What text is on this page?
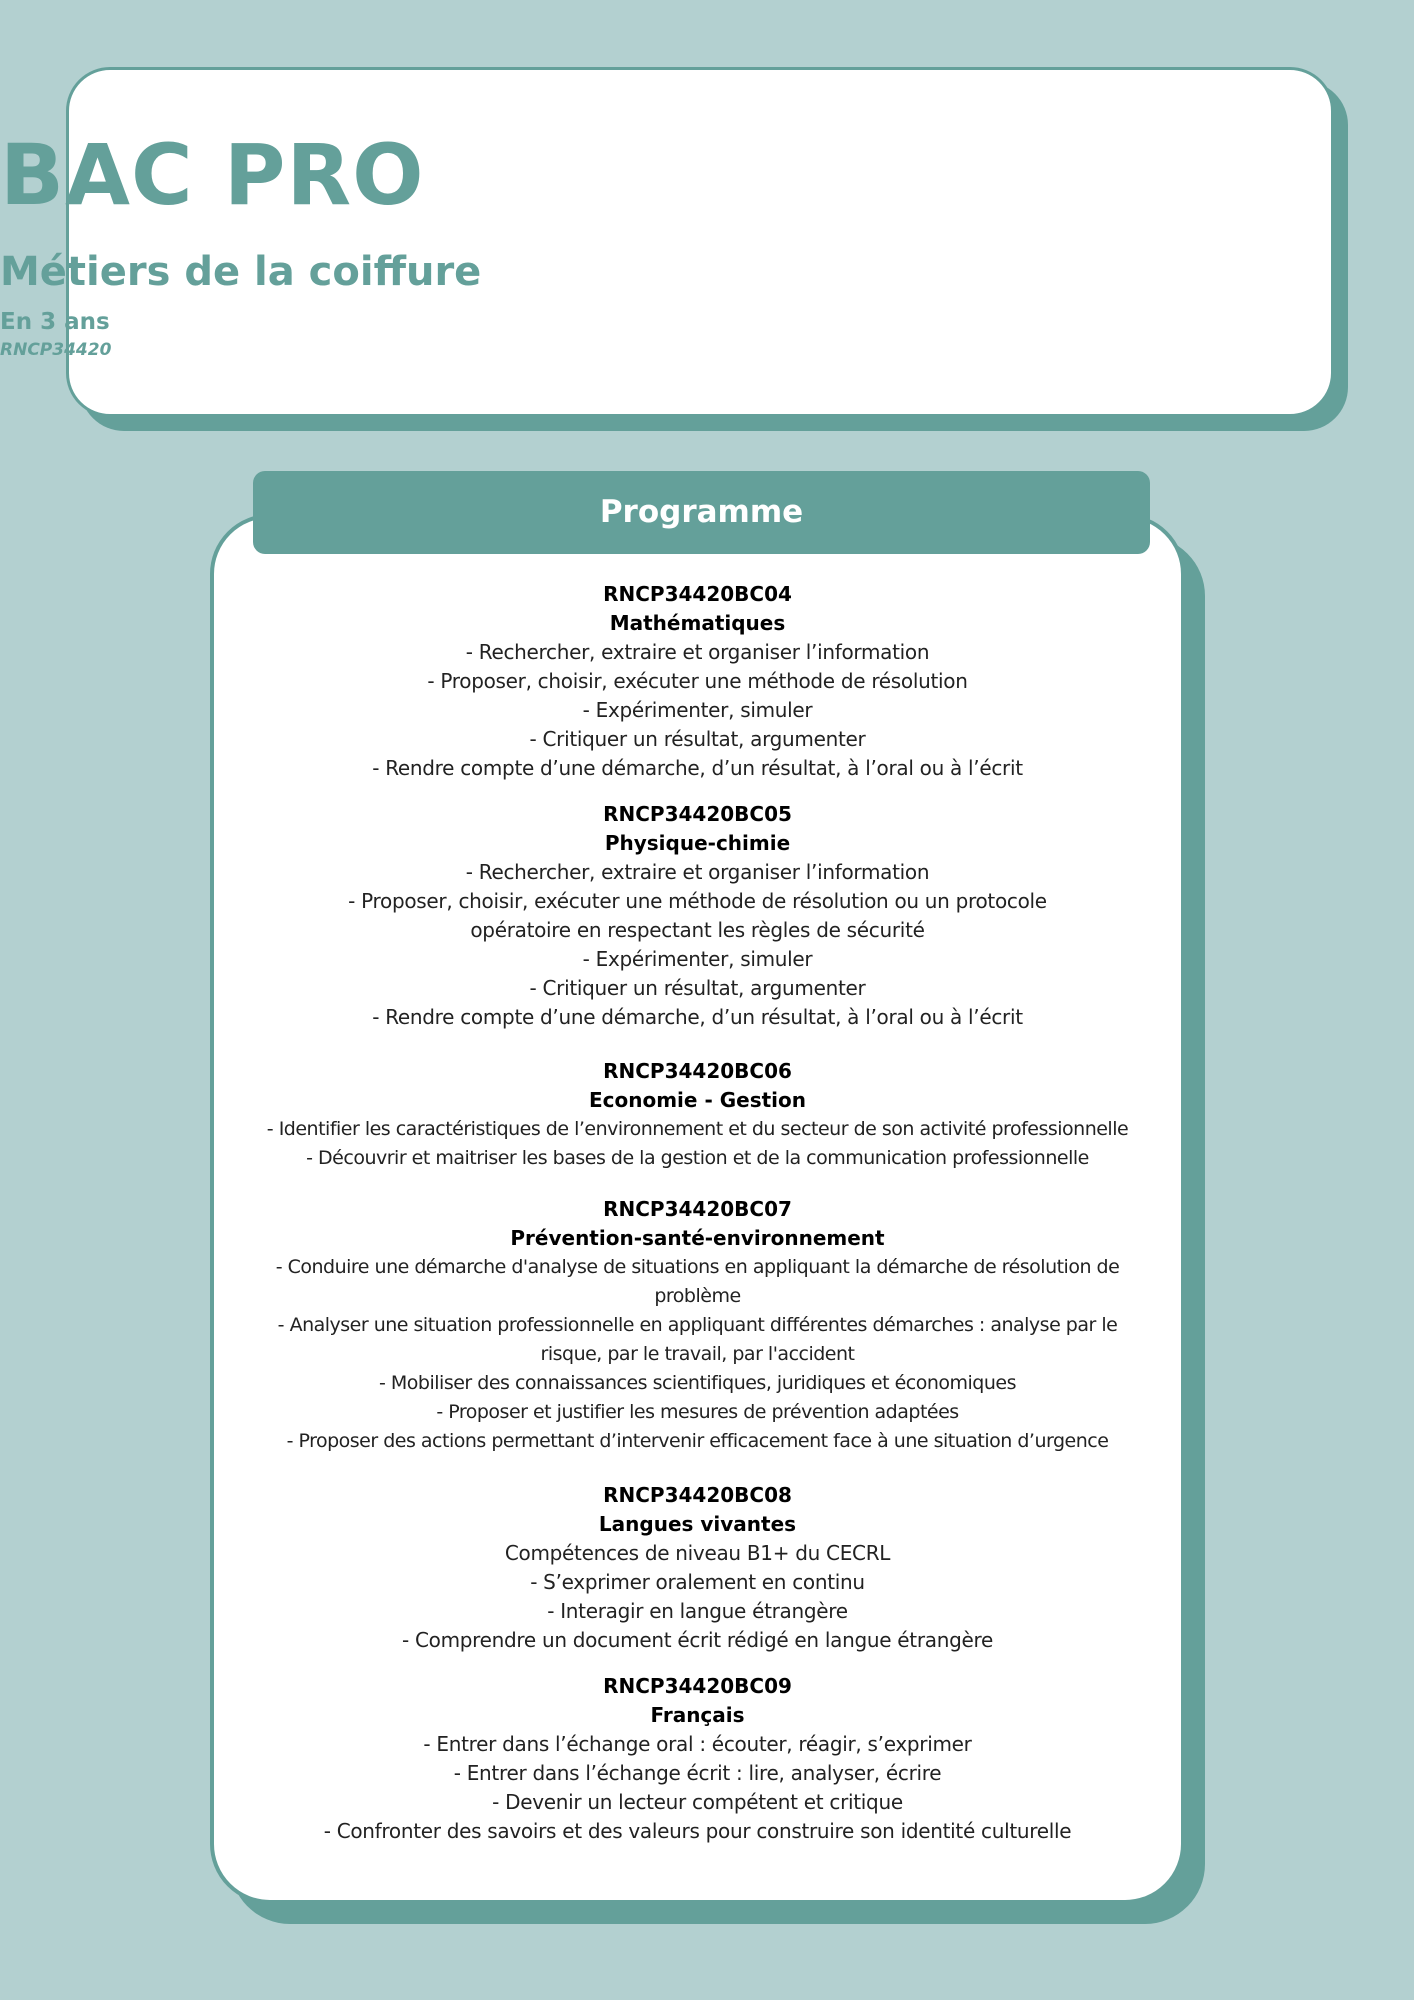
BAC PRO
Métiers de la coiffure
En 3 ans
RNCP34420
Programme
RNCP34420BC04
Mathématiques
- Rechercher, extraire et organiser l’information
- Proposer, choisir, exécuter une méthode de résolution
- Expérimenter, simuler
- Critiquer un résultat, argumenter
- Rendre compte d’une démarche, d’un résultat, à l’oral ou à l’écrit
RNCP34420BC05
Physique-chimie
- Rechercher, extraire et organiser l’information
- Proposer, choisir, exécuter une méthode de résolution ou un protocole
opératoire en respectant les règles de sécurité
- Expérimenter, simuler
- Critiquer un résultat, argumenter
- Rendre compte d’une démarche, d’un résultat, à l’oral ou à l’écrit
RNCP34420BC06
Economie - Gestion
- Identifier les caractéristiques de l’environnement et du secteur de son activité professionnelle
- Découvrir et maitriser les bases de la gestion et de la communication professionnelle
RNCP34420BC07
Prévention-santé-environnement
- Conduire une démarche d'analyse de situations en appliquant la démarche de résolution de
problème
- Analyser une situation professionnelle en appliquant différentes démarches : analyse par le
risque, par le travail, par l'accident
- Mobiliser des connaissances scientifiques, juridiques et économiques
- Proposer et justifier les mesures de prévention adaptées
- Proposer des actions permettant d’intervenir efficacement face à une situation d’urgence
RNCP34420BC08
Langues vivantes
Compétences de niveau B1+ du CECRL
- S’exprimer oralement en continu
- Interagir en langue étrangère
- Comprendre un document écrit rédigé en langue étrangère
RNCP34420BC09
Français
- Entrer dans l’échange oral : écouter, réagir, s’exprimer
- Entrer dans l’échange écrit : lire, analyser, écrire
- Devenir un lecteur compétent et critique
- Confronter des savoirs et des valeurs pour construire son identité culturelle
